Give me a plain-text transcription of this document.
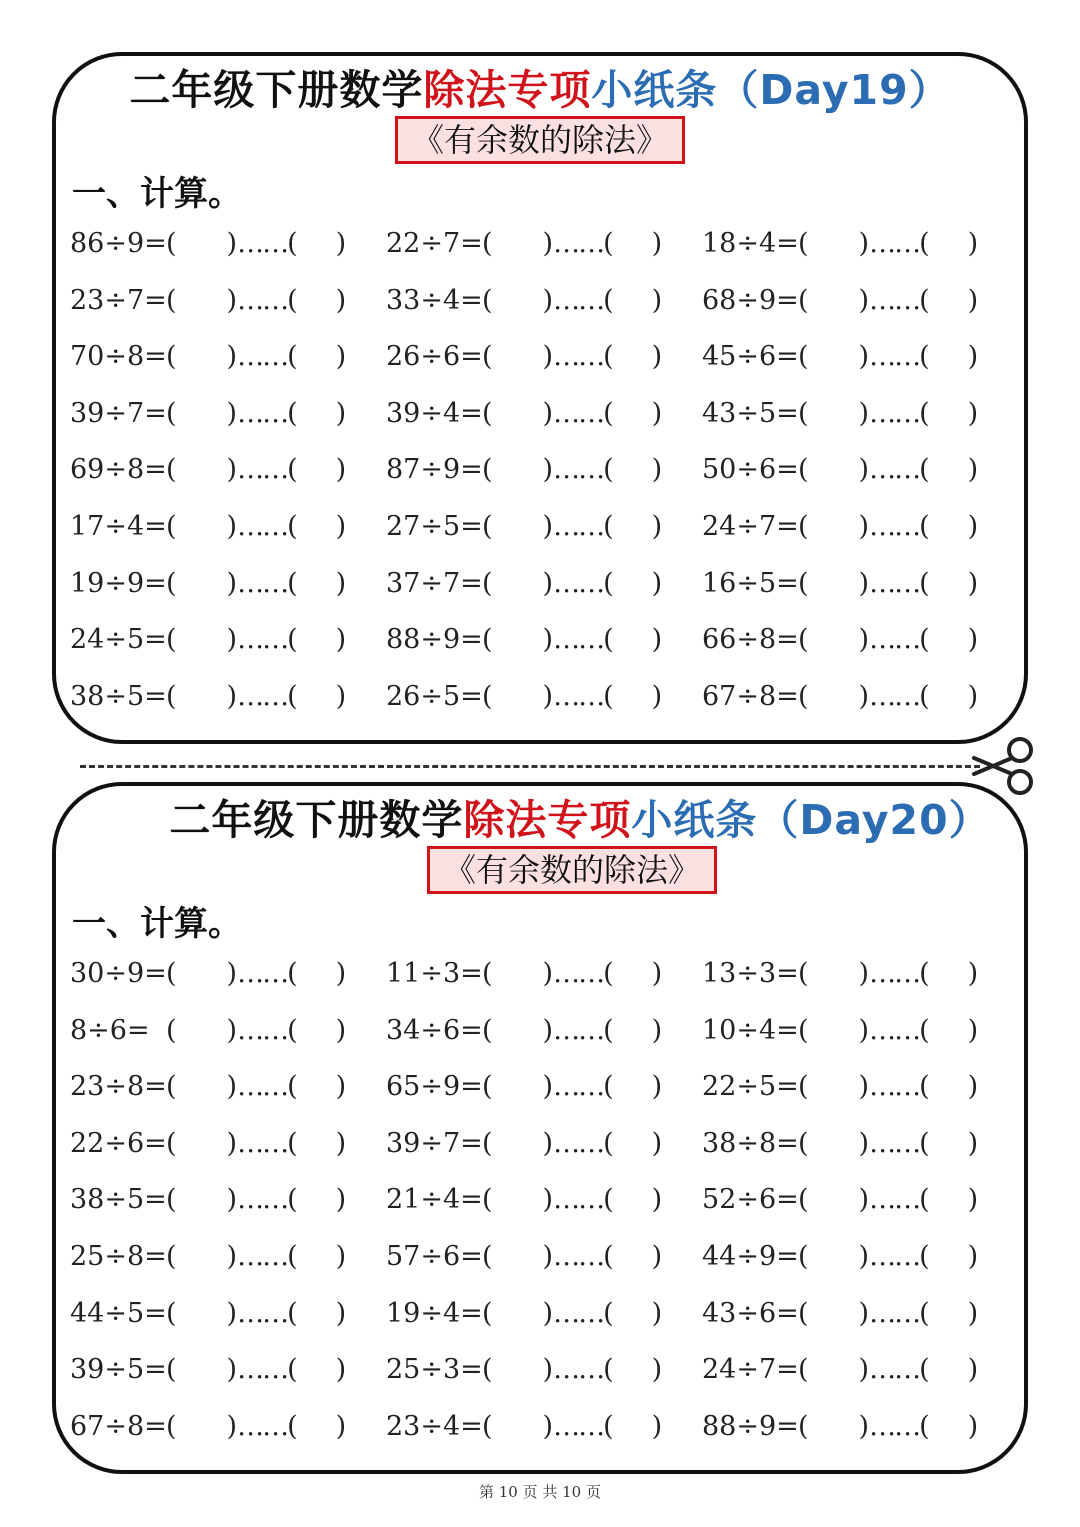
二年级下册数学除法专项小纸条（Day19）
《有余数的除法》
一、计算。
86÷9=( )……( ) 22÷7=( )……( ) 18÷4=( )……( )
23÷7=( )……( ) 33÷4=( )……( ) 68÷9=( )……( )
70÷8=( )……( ) 26÷6=( )……( ) 45÷6=( )……( )
39÷7=( )……( ) 39÷4=( )……( ) 43÷5=( )……( )
69÷8=( )……( ) 87÷9=( )……( ) 50÷6=( )……( )
17÷4=( )……( ) 27÷5=( )……( ) 24÷7=( )……( )
19÷9=( )……( ) 37÷7=( )……( ) 16÷5=( )……( )
24÷5=( )……( ) 88÷9=( )……( ) 66÷8=( )……( )
38÷5=( )……( ) 26÷5=( )……( ) 67÷8=( )……( )
二年级下册数学除法专项小纸条（Day20）
《有余数的除法》
一、计算。
30÷9=( )……( ) 11÷3=( )……( ) 13÷3=( )……( )
8÷6= ( )……( ) 34÷6=( )……( ) 10÷4=( )……( )
23÷8=( )……( ) 65÷9=( )……( ) 22÷5=( )……( )
22÷6=( )……( ) 39÷7=( )……( ) 38÷8=( )……( )
38÷5=( )……( ) 21÷4=( )……( ) 52÷6=( )……( )
25÷8=( )……( ) 57÷6=( )……( ) 44÷9=( )……( )
44÷5=( )……( ) 19÷4=( )……( ) 43÷6=( )……( )
39÷5=( )……( ) 25÷3=( )……( ) 24÷7=( )……( )
67÷8=( )……( ) 23÷4=( )……( ) 88÷9=( )……( )
第 10 页 共 10 页
